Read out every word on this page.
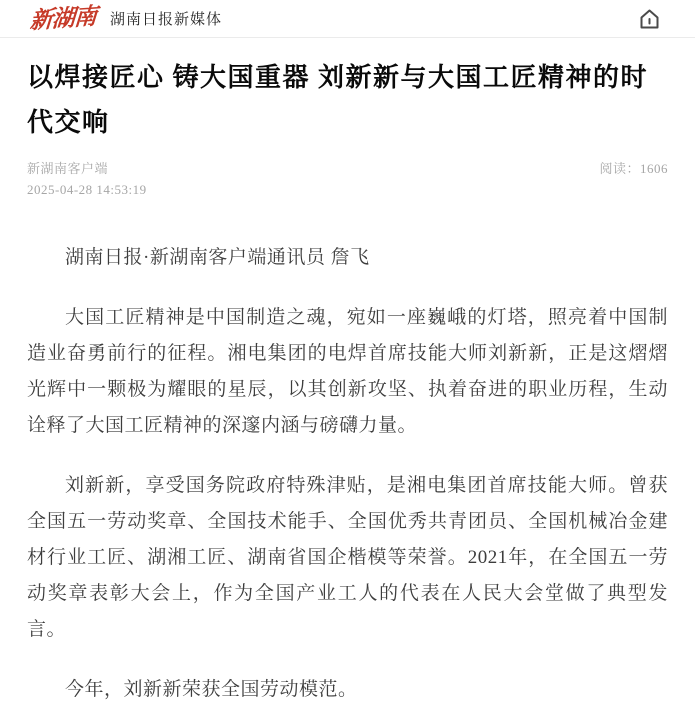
新湖南 湖南日报新媒体
以焊接匠心 铸大国重器 刘新新与大国工匠精神的时代交响
新湖南客户端
2025-04-28 14:53:19
阅读：1606

湖南日报·新湖南客户端通讯员 詹飞

大国工匠精神是中国制造之魂，宛如一座巍峨的灯塔，照亮着中国制造业奋勇前行的征程。湘电集团的电焊首席技能大师刘新新，正是这熠熠光辉中一颗极为耀眼的星辰，以其创新攻坚、执着奋进的职业历程，生动诠释了大国工匠精神的深邃内涵与磅礴力量。

刘新新，享受国务院政府特殊津贴，是湘电集团首席技能大师。曾获全国五一劳动奖章、全国技术能手、全国优秀共青团员、全国机械冶金建材行业工匠、湖湘工匠、湖南省国企楷模等荣誉。2021年，在全国五一劳动奖章表彰大会上，作为全国产业工人的代表在人民大会堂做了典型发言。

今年，刘新新荣获全国劳动模范。
